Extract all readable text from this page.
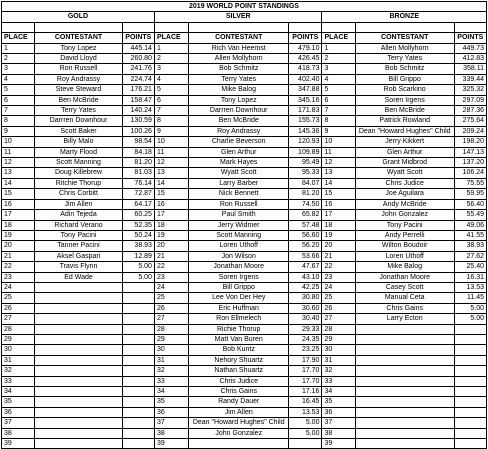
2019 WORLD POINT STANDINGS								
GOLD			SILVER			BRONZE		

PLACE	CONTESTANT	POINTS	PLACE	CONTESTANT	POINTS	PLACE	CONTESTANT	POINTS
1	Tony Lopez	445.14	1	Rich Van Heemst	479.10	1	Allen Mollyhorn	449.73
2	David Lloyd	260.80	2	Allen Mollyhorn	426.45	2	Terry Yates	412.83
3	Ron Russell	241.76	3	Bob Schmitz	418.73	3	Bob Schmitz	358.11
4	Roy Andrassy	224.74	4	Terry Yates	402.40	4	Bill Grippo	339.44
5	Steve Steward	176.21	5	Mike Balog	347.88	5	Rob Scarkino	325.32
6	Ben McBride	158.47	6	Tony Lopez	345.16	6	Soren Irgens	297.09
7	Terry Yates	140.24	7	Darrren Downhour	171.83	7	Ben McBride	287.36
8	Darrren Downhour	130.59	8	Ben McBride	155.73	8	Patrick Rowland	275.64
9	Scott Baker	100.26	9	Roy Andrassy	145.36	9	Dean "Howard Hughes" Child	209.24
10	Billy Malo	98.54	10	Charlie Beverson	120.93	10	Jerry Kikkert	198.20
11	Marty Flood	84.18	11	Glen Arthur	109.89	11	Glen Arthur	147.13
12	Scott Manning	81.20	12	Mark Hayes	95.49	12	Grant Midbrod	137.20
13	Doug Killebrew	81.03	13	Wyatt Scott	95.33	13	Wyatt Scott	106.24
14	Ritchie Thorup	76.14	14	Larry Barber	84.07	14	Chris Judice	75.55
15	Chris Corbitt	72.87	15	Nick Bennett	81.20	15	Joe Aguilara	59.95
16	Jim Allen	64.17	16	Ron Russell	74.50	16	Andy McBride	56.40
17	Adin Tejeda	60.25	17	Paul Smith	65.82	17	John Gonzalez	55.49
18	Richard Verano	52.35	18	Jerry Widmer	57.48	18	Tony Pacini	49.06
19	Tony Pacini	50.24	19	Scott Manning	56.60	19	Andy Perrelli	41.55
20	Tanner Pacini	38.93	20	Loren Uthoff	56.20	20	Wilton Boudoir	38.93
21	Aksel Gaspari	12.89	21	Jon Wilson	53.66	21	Loren Uthoff	27.62
22	Travis Flynn	5.00	22	Jonathan Moore	47.67	22	Mike Balog	25.40
23	Ed Wade	5.00	23	Soren Irgens	43.10	23	Jonathan Moore	16.31
24			24	Bill Grippo	42.25	24	Casey Scott	13.53
25			25	Lee Von Der Hey	30.80	25	Manual Ceta	11.45
26			26	Eric Huffman	30.60	26	Chris Gains	5.00
27			27	Ron Ellmelech	30.40	27	Larry Ecton	5.00
28			28	Richie Thorup	29.33	28		
29			29	Matt Van Buren	24.35	29		
30			30	Bob Kuntz	23.25	30		
31			31	Nehory Shuartz	17.90	31		
32			32	Nathan Shuartz	17.70	32		
33			33	Chris Judice	17.70	33		
34			34	Chris Gains	17.16	34		
35			35	Randy Dauer	16.45	35		
36			36	Jim Allen	13.53	36		
37			37	Dean "Howard Hughes" Child	5.00	37		
38			38	John Gonzalez	5.00	38		
39			39			39		
